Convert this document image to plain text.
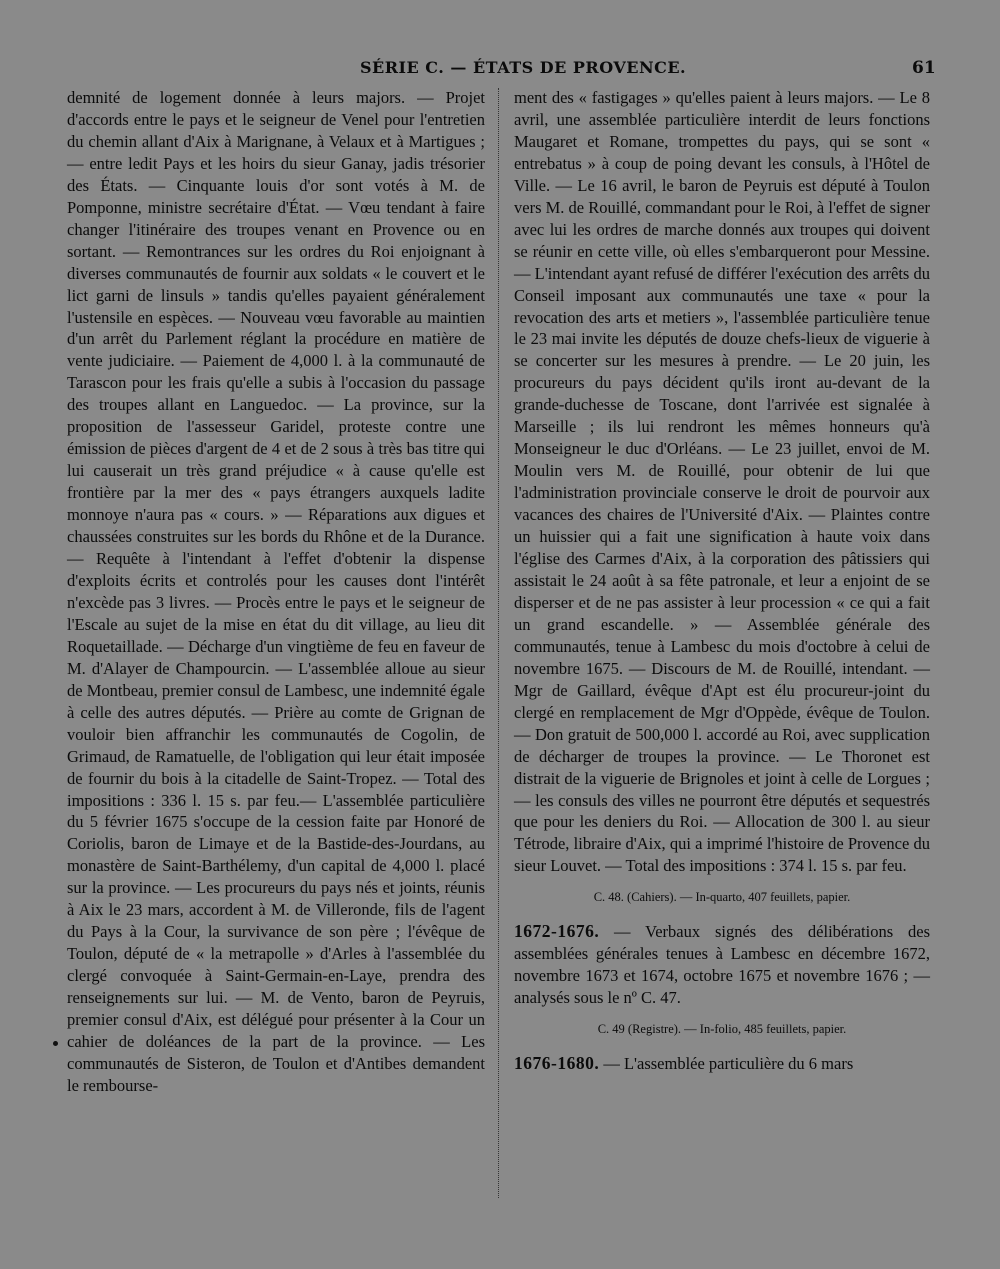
SÉRIE C. — ÉTATS DE PROVENCE.	61

demnité de logement donnée à leurs majors. — Projet d'accords entre le pays et le seigneur de Venel pour l'entretien du chemin allant d'Aix à Marignane, à Velaux et à Martigues ; — entre ledit Pays et les hoirs du sieur Ganay, jadis trésorier des États. — Cinquante louis d'or sont votés à M. de Pomponne, ministre secrétaire d'État. — Vœu tendant à faire changer l'itinéraire des troupes venant en Provence ou en sortant. — Remontrances sur les ordres du Roi enjoignant à diverses communautés de fournir aux soldats « le couvert et le lict garni de linsuls » tandis qu'elles payaient généralement l'ustensile en espèces. — Nouveau vœu favorable au maintien d'un arrêt du Parlement réglant la procédure en matière de vente judiciaire. — Paiement de 4,000 l. à la communauté de Tarascon pour les frais qu'elle a subis à l'occasion du passage des troupes allant en Languedoc. — La province, sur la proposition de l'assesseur Garidel, proteste contre une émission de pièces d'argent de 4 et de 2 sous à très bas titre qui lui causerait un très grand préjudice « à cause qu'elle est frontière par la mer des « pays étrangers auxquels ladite monnoye n'aura pas « cours. » — Réparations aux digues et chaussées construites sur les bords du Rhône et de la Durance. — Requête à l'intendant à l'effet d'obtenir la dispense d'exploits écrits et controlés pour les causes dont l'intérêt n'excède pas 3 livres. — Procès entre le pays et le seigneur de l'Escale au sujet de la mise en état du dit village, au lieu dit Roquetaillade. — Décharge d'un vingtième de feu en faveur de M. d'Alayer de Champourcin. — L'assemblée alloue au sieur de Montbeau, premier consul de Lambesc, une indemnité égale à celle des autres députés. — Prière au comte de Grignan de vouloir bien affranchir les communautés de Cogolin, de Grimaud, de Ramatuelle, de l'obligation qui leur était imposée de fournir du bois à la citadelle de Saint-Tropez. — Total des impositions : 336 l. 15 s. par feu.— L'assemblée particulière du 5 février 1675 s'occupe de la cession faite par Honoré de Coriolis, baron de Limaye et de la Bastide-des-Jourdans, au monastère de Saint-Barthélemy, d'un capital de 4,000 l. placé sur la province. — Les procureurs du pays nés et joints, réunis à Aix le 23 mars, accordent à M. de Villeronde, fils de l'agent du Pays à la Cour, la survivance de son père ; l'évêque de Toulon, député de « la metrapolle » d'Arles à l'assemblée du clergé convoquée à Saint-Germain-en-Laye, prendra des renseignements sur lui. — M. de Vento, baron de Peyruis, premier consul d'Aix, est délégué pour présenter à la Cour un cahier de doléances de la part de la province. — Les communautés de Sisteron, de Toulon et d'Antibes demandent le rembourse-

ment des « fastigages » qu'elles paient à leurs majors. — Le 8 avril, une assemblée particulière interdit de leurs fonctions Maugaret et Romane, trompettes du pays, qui se sont « entrebatus » à coup de poing devant les consuls, à l'Hôtel de Ville. — Le 16 avril, le baron de Peyruis est député à Toulon vers M. de Rouillé, commandant pour le Roi, à l'effet de signer avec lui les ordres de marche donnés aux troupes qui doivent se réunir en cette ville, où elles s'embarqueront pour Messine. — L'intendant ayant refusé de différer l'exécution des arrêts du Conseil imposant aux communautés une taxe « pour la revocation des arts et metiers », l'assemblée particulière tenue le 23 mai invite les députés de douze chefs-lieux de viguerie à se concerter sur les mesures à prendre. — Le 20 juin, les procureurs du pays décident qu'ils iront au-devant de la grande-duchesse de Toscane, dont l'arrivée est signalée à Marseille ; ils lui rendront les mêmes honneurs qu'à Monseigneur le duc d'Orléans. — Le 23 juillet, envoi de M. Moulin vers M. de Rouillé, pour obtenir de lui que l'administration provinciale conserve le droit de pourvoir aux vacances des chaires de l'Université d'Aix. — Plaintes contre un huissier qui a fait une signification à haute voix dans l'église des Carmes d'Aix, à la corporation des pâtissiers qui assistait le 24 août à sa fête patronale, et leur a enjoint de se disperser et de ne pas assister à leur procession « ce qui a fait un grand escandelle. » — Assemblée générale des communautés, tenue à Lambesc du mois d'octobre à celui de novembre 1675. — Discours de M. de Rouillé, intendant. — Mgr de Gaillard, évêque d'Apt est élu procureur-joint du clergé en remplacement de Mgr d'Oppède, évêque de Toulon. — Don gratuit de 500,000 l. accordé au Roi, avec supplication de décharger de troupes la province. — Le Thoronet est distrait de la viguerie de Brignoles et joint à celle de Lorgues ; — les consuls des villes ne pourront être députés et sequestrés que pour les deniers du Roi. — Allocation de 300 l. au sieur Tétrode, libraire d'Aix, qui a imprimé l'histoire de Provence du sieur Louvet. — Total des impositions : 374 l. 15 s. par feu.

C. 48. (Cahiers). — In-quarto, 407 feuillets, papier.

1672-1676. — Verbaux signés des délibérations des assemblées générales tenues à Lambesc en décembre 1672, novembre 1673 et 1674, octobre 1675 et novembre 1676 ; — analysés sous le nº C. 47.

C. 49 (Registre). — In-folio, 485 feuillets, papier.

1676-1680. — L'assemblée particulière du 6 mars
